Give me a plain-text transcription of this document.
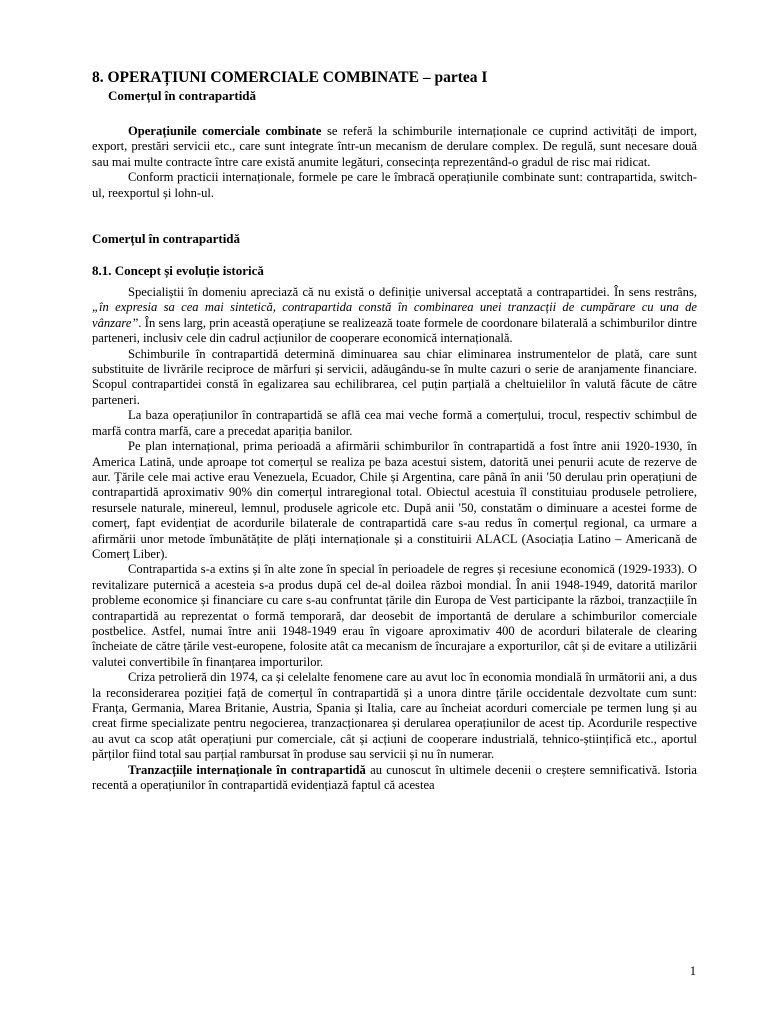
8. OPERAȚIUNI COMERCIALE COMBINATE – partea I
Comerțul în contrapartidă

Operațiunile comerciale combinate se referă la schimburile internaționale ce cuprind activități de import, export, prestări servicii etc., care sunt integrate într-un mecanism de derulare complex. De regulă, sunt necesare două sau mai multe contracte între care există anumite legături, consecința reprezentând-o gradul de risc mai ridicat.

Conform practicii internaționale, formele pe care le îmbracă operațiunile combinate sunt: contrapartida, switch-ul, reexportul și lohn-ul.

Comerțul în contrapartidă
8.1. Concept și evoluție istorică

Specialiștii în domeniu apreciază că nu există o definiție universal acceptată a contrapartidei. În sens restrâns, „în expresia sa cea mai sintetică, contrapartida constă în combinarea unei tranzacții de cumpărare cu una de vânzare”. În sens larg, prin această operațiune se realizează toate formele de coordonare bilaterală a schimburilor dintre parteneri, inclusiv cele din cadrul acțiunilor de cooperare economică internațională.

Schimburile în contrapartidă determină diminuarea sau chiar eliminarea instrumentelor de plată, care sunt substituite de livrările reciproce de mărfuri și servicii, adăugându-se în multe cazuri o serie de aranjamente financiare. Scopul contrapartidei constă în egalizarea sau echilibrarea, cel puțin parțială a cheltuielilor în valută făcute de către parteneri.

La baza operațiunilor în contrapartidă se află cea mai veche formă a comerțului, trocul, respectiv schimbul de marfă contra marfă, care a precedat apariția banilor.

Pe plan internațional, prima perioadă a afirmării schimburilor în contrapartidă a fost între anii 1920-1930, în America Latină, unde aproape tot comerțul se realiza pe baza acestui sistem, datorită unei penurii acute de rezerve de aur. Țările cele mai active erau Venezuela, Ecuador, Chile și Argentina, care până în anii '50 derulau prin operațiuni de contrapartidă aproximativ 90% din comerțul intraregional total. Obiectul acestuia îl constituiau produsele petroliere, resursele naturale, minereul, lemnul, produsele agricole etc. După anii '50, constatăm o diminuare a acestei forme de comerț, fapt evidențiat de acordurile bilaterale de contrapartidă care s-au redus în comerțul regional, ca urmare a afirmării unor metode îmbunătățite de plăți internaționale și a constituirii ALACL (Asociația Latino – Americană de Comerț Liber).

Contrapartida s-a extins și în alte zone în special în perioadele de regres și recesiune economică (1929-1933). O revitalizare puternică a acesteia s-a produs după cel de-al doilea război mondial. În anii 1948-1949, datorită marilor probleme economice și financiare cu care s-au confruntat țările din Europa de Vest participante la război, tranzacțiile în contrapartidă au reprezentat o formă temporară, dar deosebit de importantă de derulare a schimburilor comerciale postbelice. Astfel, numai între anii 1948-1949 erau în vigoare aproximativ 400 de acorduri bilaterale de clearing încheiate de către țările vest-europene, folosite atât ca mecanism de încurajare a exporturilor, cât și de evitare a utilizării valutei convertibile în finanțarea importurilor.

Criza petrolieră din 1974, ca și celelalte fenomene care au avut loc în economia mondială în următorii ani, a dus la reconsiderarea poziției față de comerțul în contrapartidă și a unora dintre țările occidentale dezvoltate cum sunt: Franța, Germania, Marea Britanie, Austria, Spania și Italia, care au încheiat acorduri comerciale pe termen lung și au creat firme specializate pentru negocierea, tranzacționarea și derularea operațiunilor de acest tip. Acordurile respective au avut ca scop atât operațiuni pur comerciale, cât și acțiuni de cooperare industrială, tehnico-științifică etc., aportul părților fiind total sau parțial rambursat în produse sau servicii și nu în numerar.

Tranzacțiile internaționale în contrapartidă au cunoscut în ultimele decenii o creștere semnificativă. Istoria recentă a operațiunilor în contrapartidă evidențiază faptul că acestea

1
